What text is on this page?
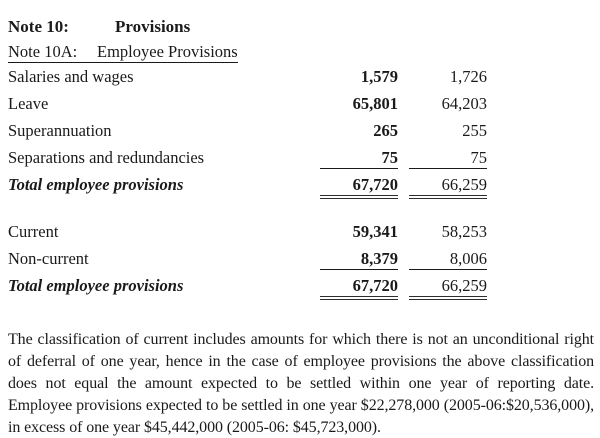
Note 10:	Provisions
Note 10A: Employee Provisions
Salaries and wages	1,579	1,726
Leave	65,801	64,203
Superannuation	265	255
Separations and redundancies	75	75
Total employee provisions	67,720	66,259
Current	59,341	58,253
Non-current	8,379	8,006
Total employee provisions	67,720	66,259

The classification of current includes amounts for which there is not an unconditional right of deferral of one year, hence in the case of employee provisions the above classification does not equal the amount expected to be settled within one year of reporting date. Employee provisions expected to be settled in one year $22,278,000 (2005-06:$20,536,000), in excess of one year $45,442,000 (2005-06: $45,723,000).
